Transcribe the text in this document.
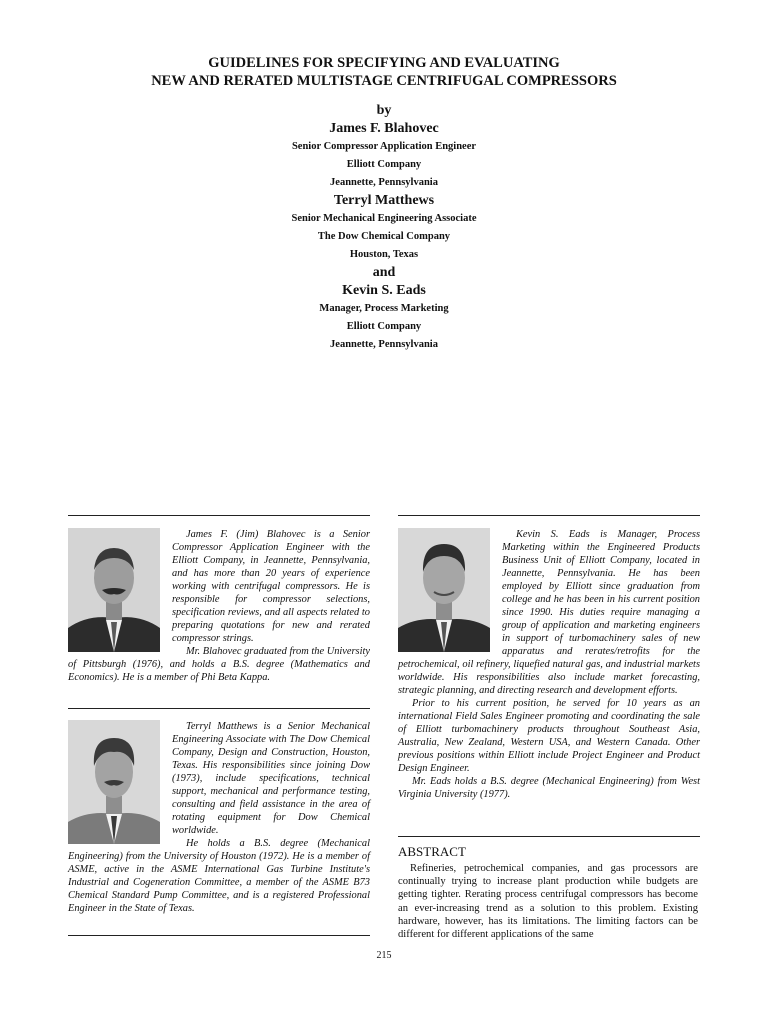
GUIDELINES FOR SPECIFYING AND EVALUATING
NEW AND RERATED MULTISTAGE CENTRIFUGAL COMPRESSORS
by
James F. Blahovec
Senior Compressor Application Engineer
Elliott Company
Jeannette, Pennsylvania
Terryl Matthews
Senior Mechanical Engineering Associate
The Dow Chemical Company
Houston, Texas
and
Kevin S. Eads
Manager, Process Marketing
Elliott Company
Jeannette, Pennsylvania

James F. (Jim) Blahovec is a Senior Compressor Application Engineer with the Elliott Company, in Jeannette, Pennsylvania, and has more than 20 years of experience working with centrifugal compressors. He is responsible for compressor selections, specification reviews, and all aspects related to preparing quotations for new and rerated compressor strings.

Mr. Blahovec graduated from the University of Pittsburgh (1976), and holds a B.S. degree (Mathematics and Economics). He is a member of Phi Beta Kappa.

Terryl Matthews is a Senior Mechanical Engineering Associate with The Dow Chemical Company, Design and Construction, Houston, Texas. His responsibilities since joining Dow (1973), include specifications, technical support, mechanical and performance testing, consulting and field assistance in the area of rotating equipment for Dow Chemical worldwide.

He holds a B.S. degree (Mechanical Engineering) from the University of Houston (1972). He is a member of ASME, active in the ASME International Gas Turbine Institute's Industrial and Cogeneration Committee, a member of the ASME B73 Chemical Standard Pump Committee, and is a registered Professional Engineer in the State of Texas.

Kevin S. Eads is Manager, Process Marketing within the Engineered Products Business Unit of Elliott Company, located in Jeannette, Pennsylvania. He has been employed by Elliott since graduation from college and he has been in his current position since 1990. His duties require managing a group of application and marketing engineers in support of turbomachinery sales of new apparatus and rerates/retrofits for the petrochemical, oil refinery, liquefied natural gas, and industrial markets worldwide. His responsibilities also include market forecasting, strategic planning, and directing research and development efforts.

Prior to his current position, he served for 10 years as an international Field Sales Engineer promoting and coordinating the sale of Elliott turbomachinery products throughout Southeast Asia, Australia, New Zealand, Western USA, and Western Canada. Other previous positions within Elliott include Project Engineer and Product Design Engineer.

Mr. Eads holds a B.S. degree (Mechanical Engineering) from West Virginia University (1977).

ABSTRACT

Refineries, petrochemical companies, and gas processors are continually trying to increase plant production while budgets are getting tighter. Rerating process centrifugal compressors has become an ever-increasing trend as a solution to this problem. Existing hardware, however, has its limitations. The limiting factors can be different for different applications of the same

215
